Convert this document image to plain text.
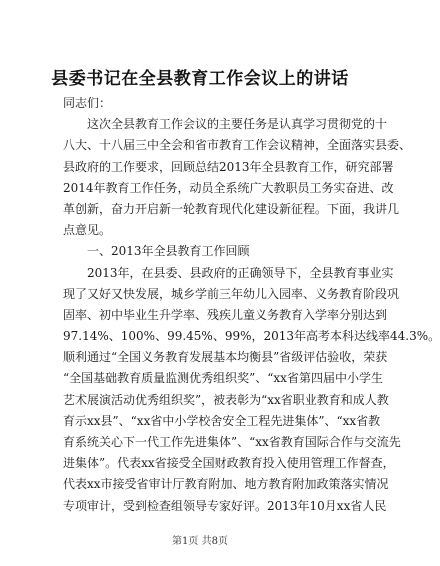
县委书记在全县教育工作会议上的讲话
同志们：
这次全县教育工作会议的主要任务是认真学习贯彻党的十
八大、十八届三中全会和省市教育工作会议精神，全面落实县委、
县政府的工作要求，回顾总结2013年全县教育工作，研究部署
2014年教育工作任务，动员全系统广大教职员工务实奋进、改
革创新，奋力开启新一轮教育现代化建设新征程。下面，我讲几
点意见。
一、2013年全县教育工作回顾
2013年，在县委、县政府的正确领导下，全县教育事业实
现了又好又快发展，城乡学前三年幼儿入园率、义务教育阶段巩
固率、初中毕业生升学率、残疾儿童义务教育入学率分别达到
97.14%、100%、99.45%、99%，2013年高考本科达线率44.3%。
顺利通过“全国义务教育发展基本均衡县”省级评估验收，荣获
“全国基础教育质量监测优秀组织奖”、“xx省第四届中小学生
艺术展演活动优秀组织奖”，被表彰为“xx省职业教育和成人教
育示xx县”、“xx省中小学校舍安全工程先进集体”、“xx省教
育系统关心下一代工作先进集体”、“xx省教育国际合作与交流先
进集体”。代表xx省接受全国财政教育投入使用管理工作督查，
代表xx市接受省审计厅教育附加、地方教育附加政策落实情况
专项审计，受到检查组领导专家好评。2013年10月xx省人民
第1页 共8页
